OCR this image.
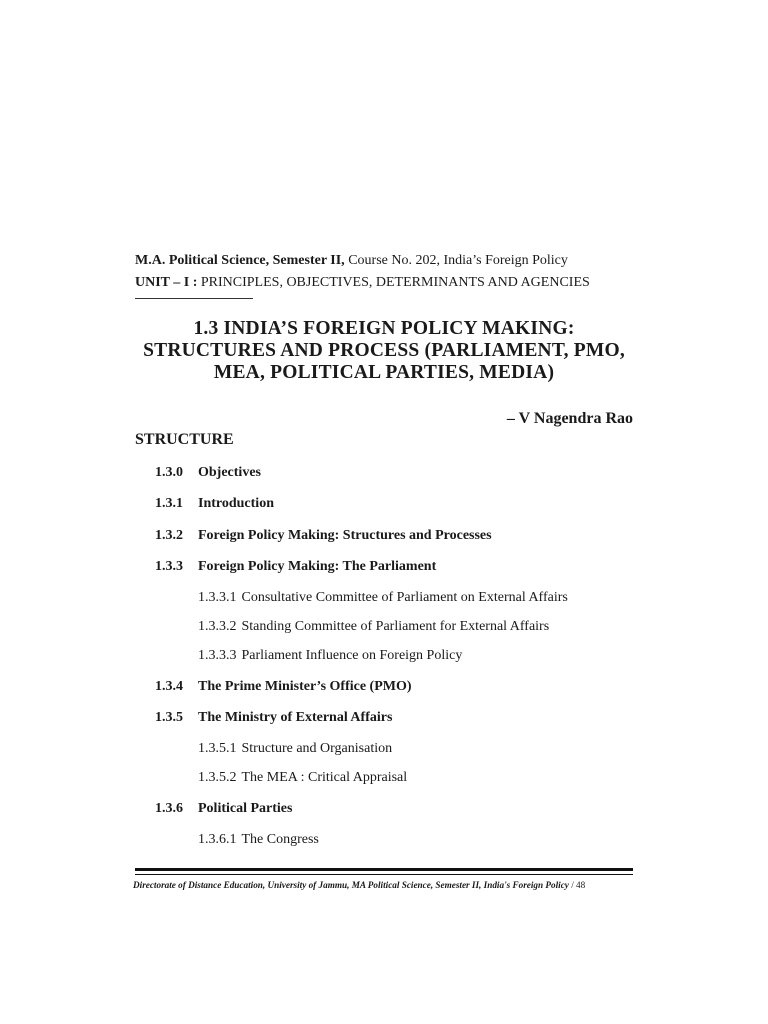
M.A. Political Science, Semester II, Course No. 202, India’s Foreign Policy
UNIT – I : PRINCIPLES, OBJECTIVES, DETERMINANTS AND AGENCIES
1.3 INDIA’S FOREIGN POLICY MAKING:
STRUCTURES AND PROCESS (PARLIAMENT, PMO,
MEA, POLITICAL PARTIES, MEDIA)
– V Nagendra Rao
STRUCTURE
1.3.0 Objectives
1.3.1 Introduction
1.3.2 Foreign Policy Making: Structures and Processes
1.3.3 Foreign Policy Making: The Parliament
1.3.3.1 Consultative Committee of Parliament on External Affairs
1.3.3.2 Standing Committee of Parliament for External Affairs
1.3.3.3 Parliament Influence on Foreign Policy
1.3.4 The Prime Minister’s Office (PMO)
1.3.5 The Ministry of External Affairs
1.3.5.1 Structure and Organisation
1.3.5.2 The MEA : Critical Appraisal
1.3.6 Political Parties
1.3.6.1 The Congress
Directorate of Distance Education, University of Jammu, MA Political Science, Semester II, India's Foreign Policy / 48
